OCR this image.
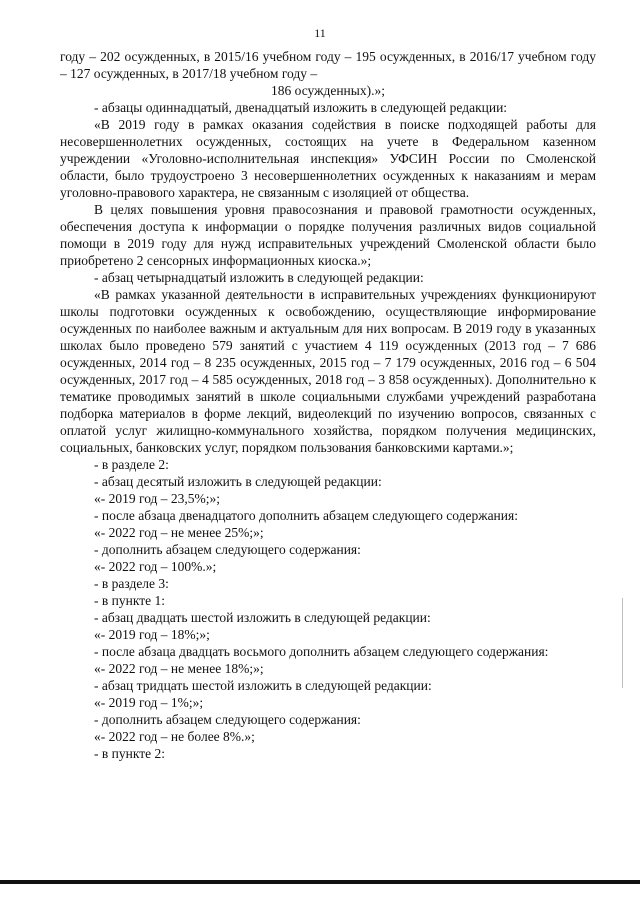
11

году – 202 осужденных, в 2015/16 учебном году – 195 осужденных, в 2016/17 учебном году – 127 осужденных, в 2017/18 учебном году –

186 осужденных).»;

- абзацы одиннадцатый, двенадцатый изложить в следующей редакции:

«В 2019 году в рамках оказания содействия в поиске подходящей работы для несовершеннолетних осужденных, состоящих на учете в Федеральном казенном учреждении «Уголовно-исполнительная инспекция» УФСИН России по Смоленской области, было трудоустроено 3 несовершеннолетних осужденных к наказаниям и мерам уголовно-правового характера, не связанным с изоляцией от общества.

В целях повышения уровня правосознания и правовой грамотности осужденных, обеспечения доступа к информации о порядке получения различных видов социальной помощи в 2019 году для нужд исправительных учреждений Смоленской области было приобретено 2 сенсорных информационных киоска.»;

- абзац четырнадцатый изложить в следующей редакции:

«В рамках указанной деятельности в исправительных учреждениях функционируют школы подготовки осужденных к освобождению, осуществляющие информирование осужденных по наиболее важным и актуальным для них вопросам. В 2019 году в указанных школах было проведено 579 занятий с участием 4 119 осужденных (2013 год – 7 686 осужденных, 2014 год – 8 235 осужденных, 2015 год – 7 179 осужденных, 2016 год – 6 504 осужденных, 2017 год – 4 585 осужденных, 2018 год – 3 858 осужденных). Дополнительно к тематике проводимых занятий в школе социальными службами учреждений разработана подборка материалов в форме лекций, видеолекций по изучению вопросов, связанных с оплатой услуг жилищно-коммунального хозяйства, порядком получения медицинских, социальных, банковских услуг, порядком пользования банковскими картами.»;

- в разделе 2:

- абзац десятый изложить в следующей редакции:

«- 2019 год – 23,5%;»;

- после абзаца двенадцатого дополнить абзацем следующего содержания:

«- 2022 год – не менее 25%;»;

- дополнить абзацем следующего содержания:

«- 2022 год – 100%.»;

- в разделе 3:

- в пункте 1:

- абзац двадцать шестой изложить в следующей редакции:

«- 2019 год – 18%;»;

- после абзаца двадцать восьмого дополнить абзацем следующего содержания:

«- 2022 год – не менее 18%;»;

- абзац тридцать шестой изложить в следующей редакции:

«- 2019 год – 1%;»;

- дополнить абзацем следующего содержания:

«- 2022 год – не более 8%.»;

- в пункте 2:
